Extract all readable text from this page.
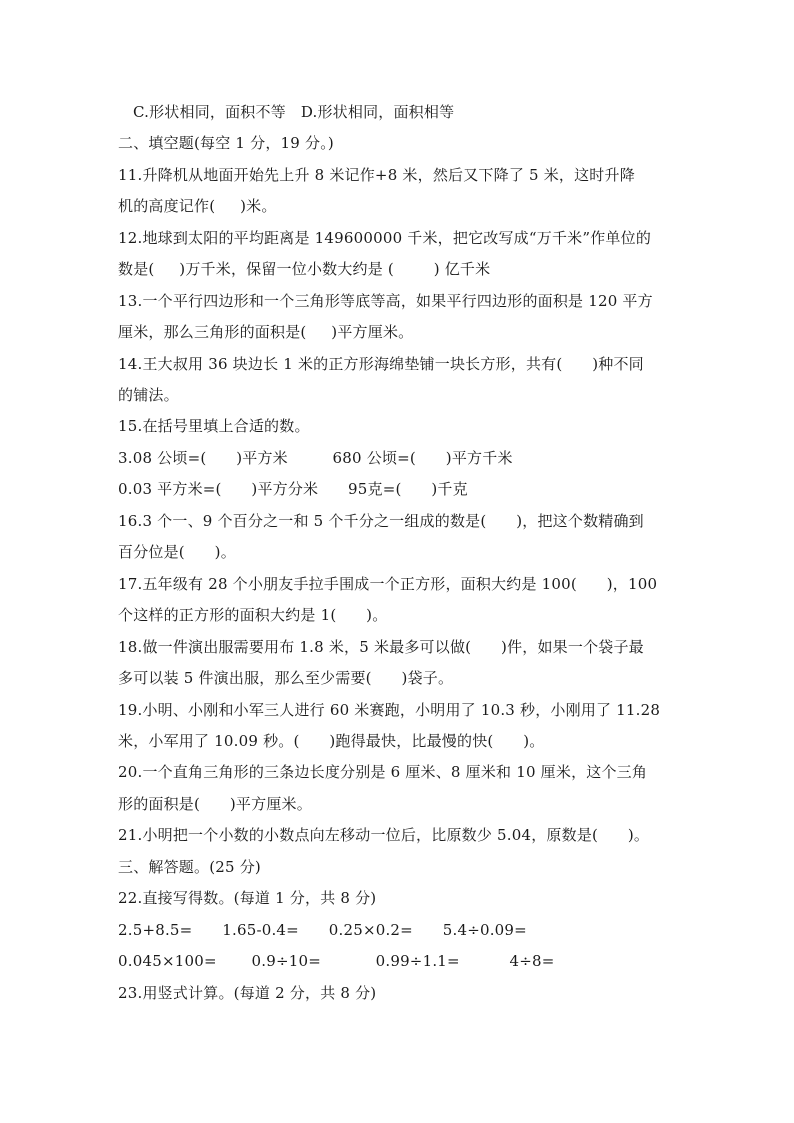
C.形状相同，面积不等   D.形状相同，面积相等
二、填空题(每空 1 分，19 分。)
11.升降机从地面开始先上升 8 米记作+8 米，然后又下降了 5 米，这时升降
机的高度记作(     )米。
12.地球到太阳的平均距离是 149600000 千米，把它改写成“万千米”作单位的
数是(     )万千米，保留一位小数大约是 (        ) 亿千米
13.一个平行四边形和一个三角形等底等高，如果平行四边形的面积是 120 平方
厘米，那么三角形的面积是(     )平方厘米。
14.王大叔用 36 块边长 1 米的正方形海绵垫铺一块长方形，共有(      )种不同
的铺法。
15.在括号里填上合适的数。
3.08 公顷=(      )平方米         680 公顷=(      )平方千米
0.03 平方米=(      )平方分米      95克=(      )千克
16.3 个一、9 个百分之一和 5 个千分之一组成的数是(      )，把这个数精确到
百分位是(      )。
17.五年级有 28 个小朋友手拉手围成一个正方形，面积大约是 100(      )，100
个这样的正方形的面积大约是 1(      )。
18.做一件演出服需要用布 1.8 米，5 米最多可以做(      )件，如果一个袋子最
多可以装 5 件演出服，那么至少需要(      )袋子。
19.小明、小刚和小军三人进行 60 米赛跑，小明用了 10.3 秒，小刚用了 11.28
米，小军用了 10.09 秒。(      )跑得最快，比最慢的快(      )。
20.一个直角三角形的三条边长度分别是 6 厘米、8 厘米和 10 厘米，这个三角
形的面积是(      )平方厘米。
21.小明把一个小数的小数点向左移动一位后，比原数少 5.04，原数是(      )。
三、解答题。(25 分)
22.直接写得数。(每道 1 分，共 8 分)
2.5+8.5=      1.65-0.4=      0.25×0.2=      5.4÷0.09=
0.045×100=       0.9÷10=           0.99÷1.1=          4÷8=
23.用竖式计算。(每道 2 分，共 8 分)
